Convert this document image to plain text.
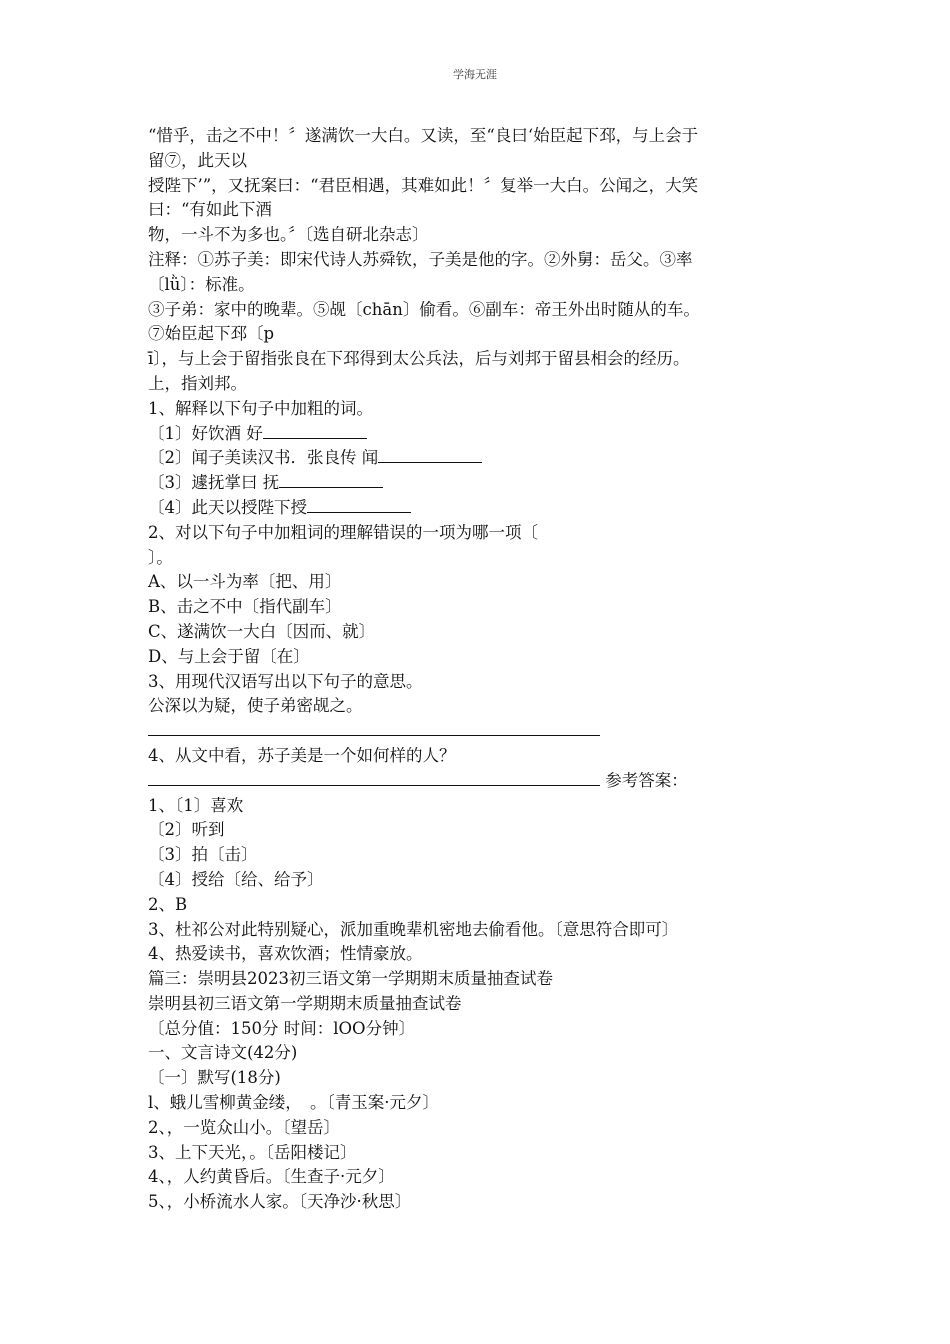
学海无涯
“惜乎，击之不中！〞遂满饮一大白。又读，至“良曰‘始臣起下邳，与上会于
留⑦，此天以
授陛下’”，又抚案曰：“君臣相遇，其难如此！〞复举一大白。公闻之，大笑
曰：“有如此下酒
物，一斗不为多也。〞〔选自研北杂志〕
注释：①苏子美：即宋代诗人苏舜钦，子美是他的字。②外舅：岳父。③率
〔lǜ〕：标准。
③子弟：家中的晚辈。⑤觇〔chān〕偷看。⑥副车：帝王外出时随从的车。
⑦始臣起下邳〔p
ī〕，与上会于留指张良在下邳得到太公兵法，后与刘邦于留县相会的经历。
上，指刘邦。
1、解释以下句子中加粗的词。
〔1〕好饮酒 好
〔2〕闻子美读汉书．张良传 闻
〔3〕遽抚掌曰 抚
〔4〕此天以授陛下授
2、对以下句子中加粗词的理解错误的一项为哪一项〔
〕。
A、以一斗为率〔把、用〕
B、击之不中〔指代副车〕
C、遂满饮一大白〔因而、就〕
D、与上会于留〔在〕
3、用现代汉语写出以下句子的意思。
公深以为疑，使子弟密觇之。
4、从文中看，苏子美是一个如何样的人？
参考答案：
1、〔1〕喜欢
〔2〕听到
〔3〕拍〔击〕
〔4〕授给〔给、给予〕
2、B
3、杜祁公对此特别疑心，派加重晚辈机密地去偷看他。〔意思符合即可〕
4、热爱读书，喜欢饮酒；性情豪放。
篇三：崇明县2023初三语文第一学期期末质量抽查试卷
崇明县初三语文第一学期期末质量抽查试卷
〔总分值：150分 时间：lOO分钟〕
一、文言诗文(42分)
〔一〕默写(18分)
l、蛾儿雪柳黄金缕，　。〔青玉案·元夕〕
2、，一览众山小。〔望岳〕
3、上下天光，。〔岳阳楼记〕
4、，人约黄昏后。〔生查子·元夕〕
5、，小桥流水人家。〔天净沙·秋思〕
